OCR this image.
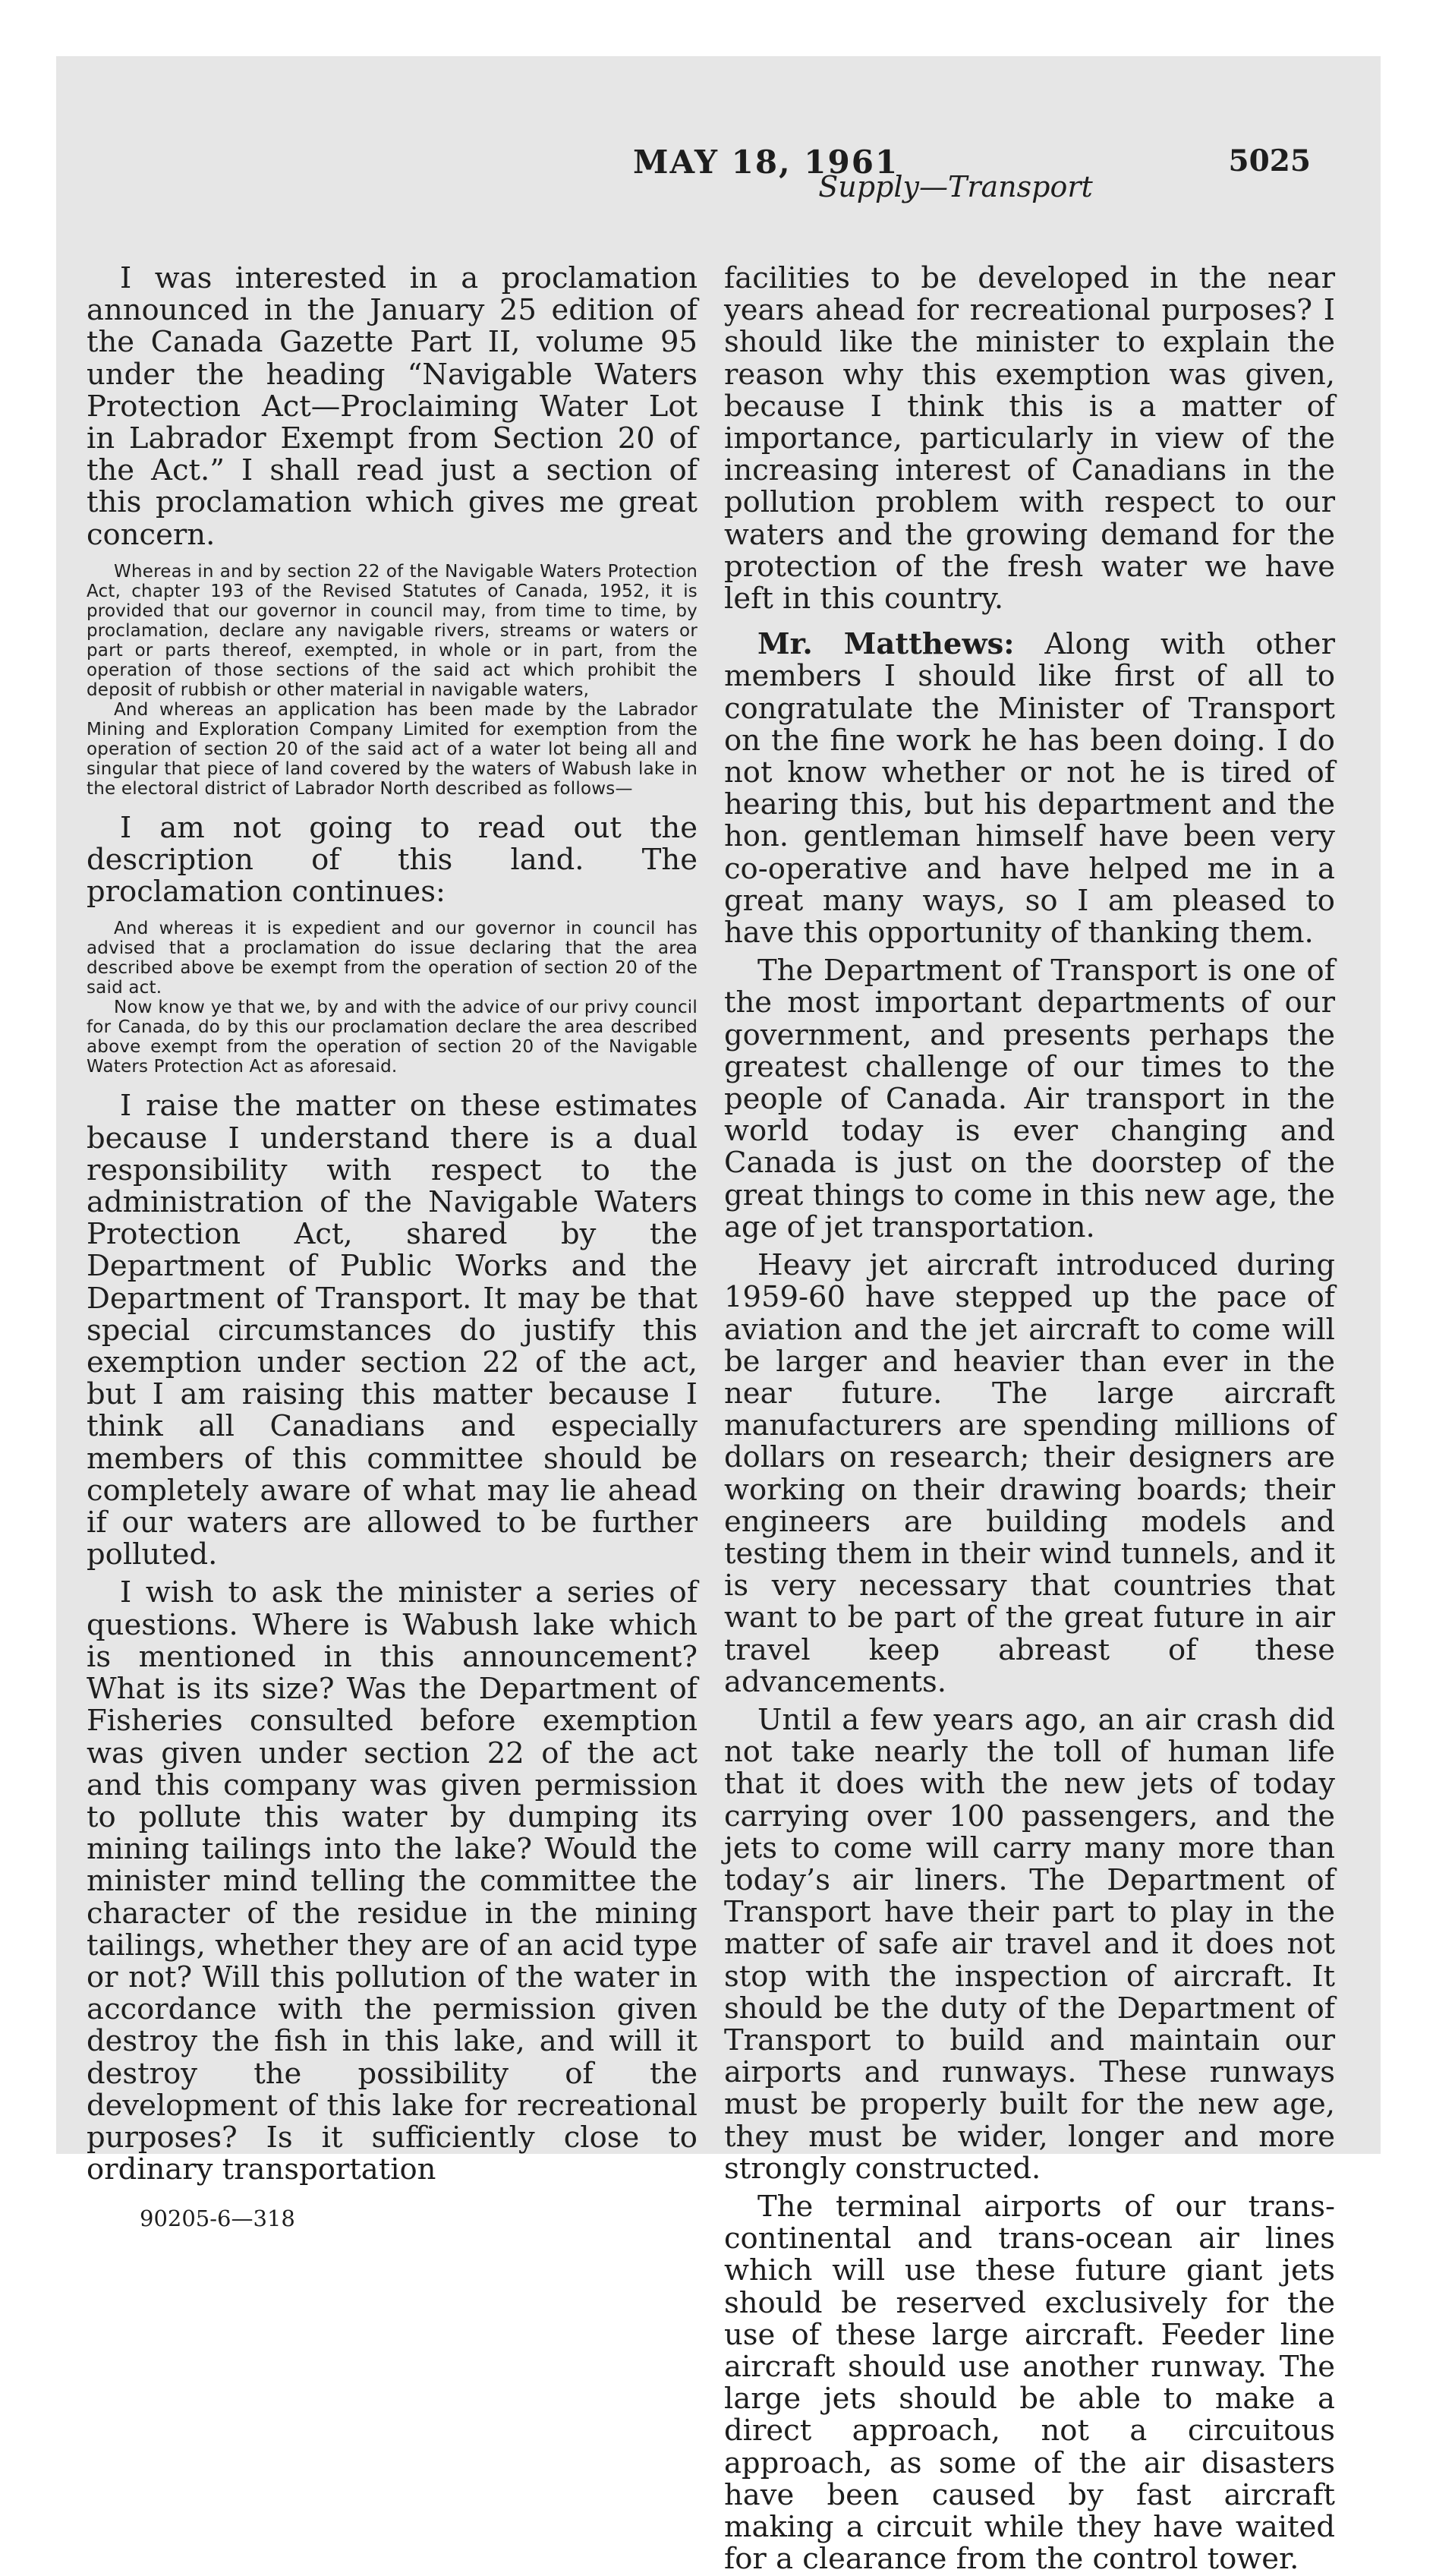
MAY 18, 1961	5025
Supply—Transport

I was interested in a proclamation announced in the January 25 edition of the Canada Gazette Part II, volume 95 under the heading “Navigable Waters Protection Act—Proclaiming Water Lot in Labrador Exempt from Section 20 of the Act.” I shall read just a section of this proclamation which gives me great concern.

Whereas in and by section 22 of the Navigable Waters Protection Act, chapter 193 of the Revised Statutes of Canada, 1952, it is provided that our governor in council may, from time to time, by proclamation, declare any navigable rivers, streams or waters or part or parts thereof, exempted, in whole or in part, from the operation of those sections of the said act which prohibit the deposit of rubbish or other material in navigable waters,

And whereas an application has been made by the Labrador Mining and Exploration Company Limited for exemption from the operation of section 20 of the said act of a water lot being all and singular that piece of land covered by the waters of Wabush lake in the electoral district of Labrador North described as follows—

I am not going to read out the description of this land. The proclamation continues:

And whereas it is expedient and our governor in council has advised that a proclamation do issue declaring that the area described above be exempt from the operation of section 20 of the said act.

Now know ye that we, by and with the advice of our privy council for Canada, do by this our proclamation declare the area described above exempt from the operation of section 20 of the Navigable Waters Protection Act as aforesaid.

I raise the matter on these estimates because I understand there is a dual responsibility with respect to the administration of the Navigable Waters Protection Act, shared by the Department of Public Works and the Department of Transport. It may be that special circumstances do justify this exemption under section 22 of the act, but I am raising this matter because I think all Canadians and especially members of this committee should be completely aware of what may lie ahead if our waters are allowed to be further polluted.

I wish to ask the minister a series of questions. Where is Wabush lake which is mentioned in this announcement? What is its size? Was the Department of Fisheries consulted before exemption was given under section 22 of the act and this company was given permission to pollute this water by dumping its mining tailings into the lake? Would the minister mind telling the committee the character of the residue in the mining tailings, whether they are of an acid type or not? Will this pollution of the water in accordance with the permission given destroy the fish in this lake, and will it destroy the possibility of the development of this lake for recreational purposes? Is it sufficiently close to ordinary transportation

90205-6—318

facilities to be developed in the near years ahead for recreational purposes? I should like the minister to explain the reason why this exemption was given, because I think this is a matter of importance, particularly in view of the increasing interest of Canadians in the pollution problem with respect to our waters and the growing demand for the protection of the fresh water we have left in this country.

Mr. Matthews: Along with other members I should like first of all to congratulate the Minister of Transport on the fine work he has been doing. I do not know whether or not he is tired of hearing this, but his department and the hon. gentleman himself have been very co-operative and have helped me in a great many ways, so I am pleased to have this opportunity of thanking them.

The Department of Transport is one of the most important departments of our government, and presents perhaps the greatest challenge of our times to the people of Canada. Air transport in the world today is ever changing and Canada is just on the doorstep of the great things to come in this new age, the age of jet transportation.

Heavy jet aircraft introduced during 1959-60 have stepped up the pace of aviation and the jet aircraft to come will be larger and heavier than ever in the near future. The large aircraft manufacturers are spending millions of dollars on research; their designers are working on their drawing boards; their engineers are building models and testing them in their wind tunnels, and it is very necessary that countries that want to be part of the great future in air travel keep abreast of these advancements.

Until a few years ago, an air crash did not take nearly the toll of human life that it does with the new jets of today carrying over 100 passengers, and the jets to come will carry many more than today’s air liners. The Department of Transport have their part to play in the matter of safe air travel and it does not stop with the inspection of aircraft. It should be the duty of the Department of Transport to build and maintain our airports and runways. These runways must be properly built for the new age, they must be wider, longer and more strongly constructed.

The terminal airports of our trans-continental and trans-ocean air lines which will use these future giant jets should be reserved exclusively for the use of these large aircraft. Feeder line aircraft should use another runway. The large jets should be able to make a direct approach, not a circuitous approach, as some of the air disasters have been caused by fast aircraft making a circuit while they have waited for a clearance from the control tower.
